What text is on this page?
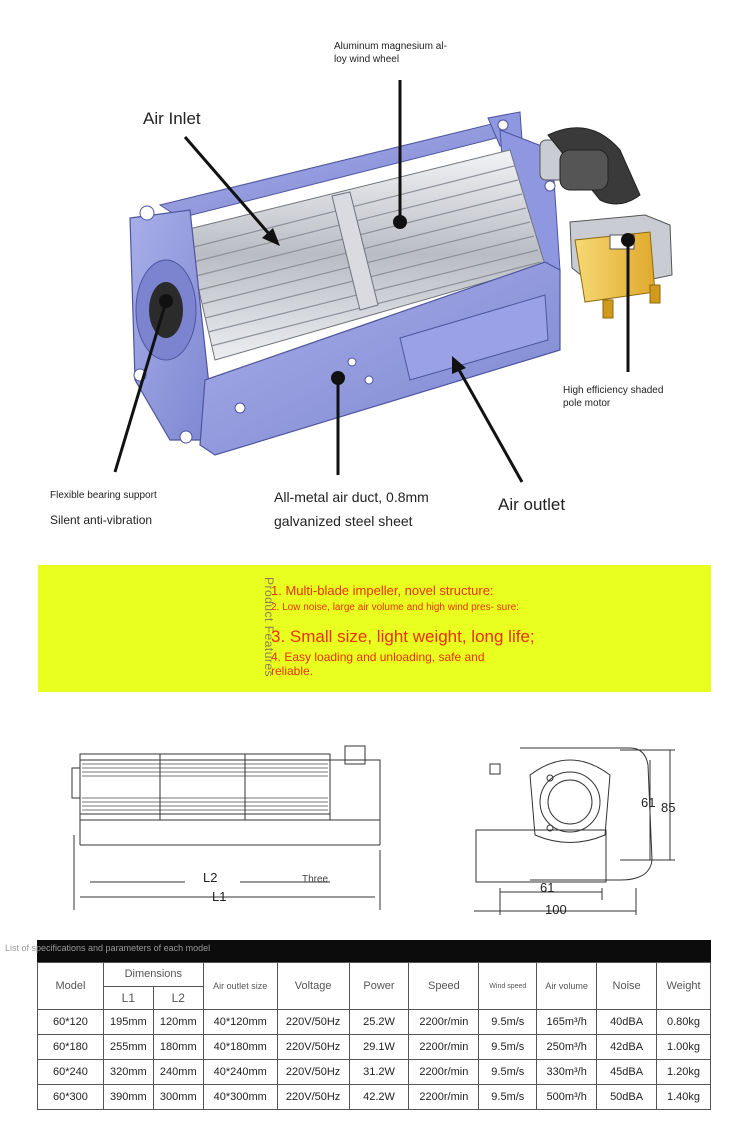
Air Inlet
Aluminum magnesium al- loy wind wheel
High efficiency shaded pole motor
Flexible bearing support
Silent anti-vibration
All-metal air duct, 0.8mm
galvanized steel sheet
Air outlet
Product Features
1. Multi-blade impeller, novel structure:
2. Low noise, large air volume and high wind pres- sure:
3. Small size, light weight, long life;
4. Easy loading and unloading, safe and reliable.
L2
L1
Three
61 85
61
100
List of specifications and parameters of each model
Model	Dimensions		Air outlet size	Voltage	Power	Speed	Wind speed	Air volume	Noise	Weight
	L1	L2								
60*120	195mm	120mm	40*120mm	220V/50Hz	25.2W	2200r/min	9.5m/s	165m³/h	40dBA	0.80kg
60*180	255mm	180mm	40*180mm	220V/50Hz	29.1W	2200r/min	9.5m/s	250m³/h	42dBA	1.00kg
60*240	320mm	240mm	40*240mm	220V/50Hz	31.2W	2200r/min	9.5m/s	330m³/h	45dBA	1.20kg
60*300	390mm	300mm	40*300mm	220V/50Hz	42.2W	2200r/min	9.5m/s	500m³/h	50dBA	1.40kg
